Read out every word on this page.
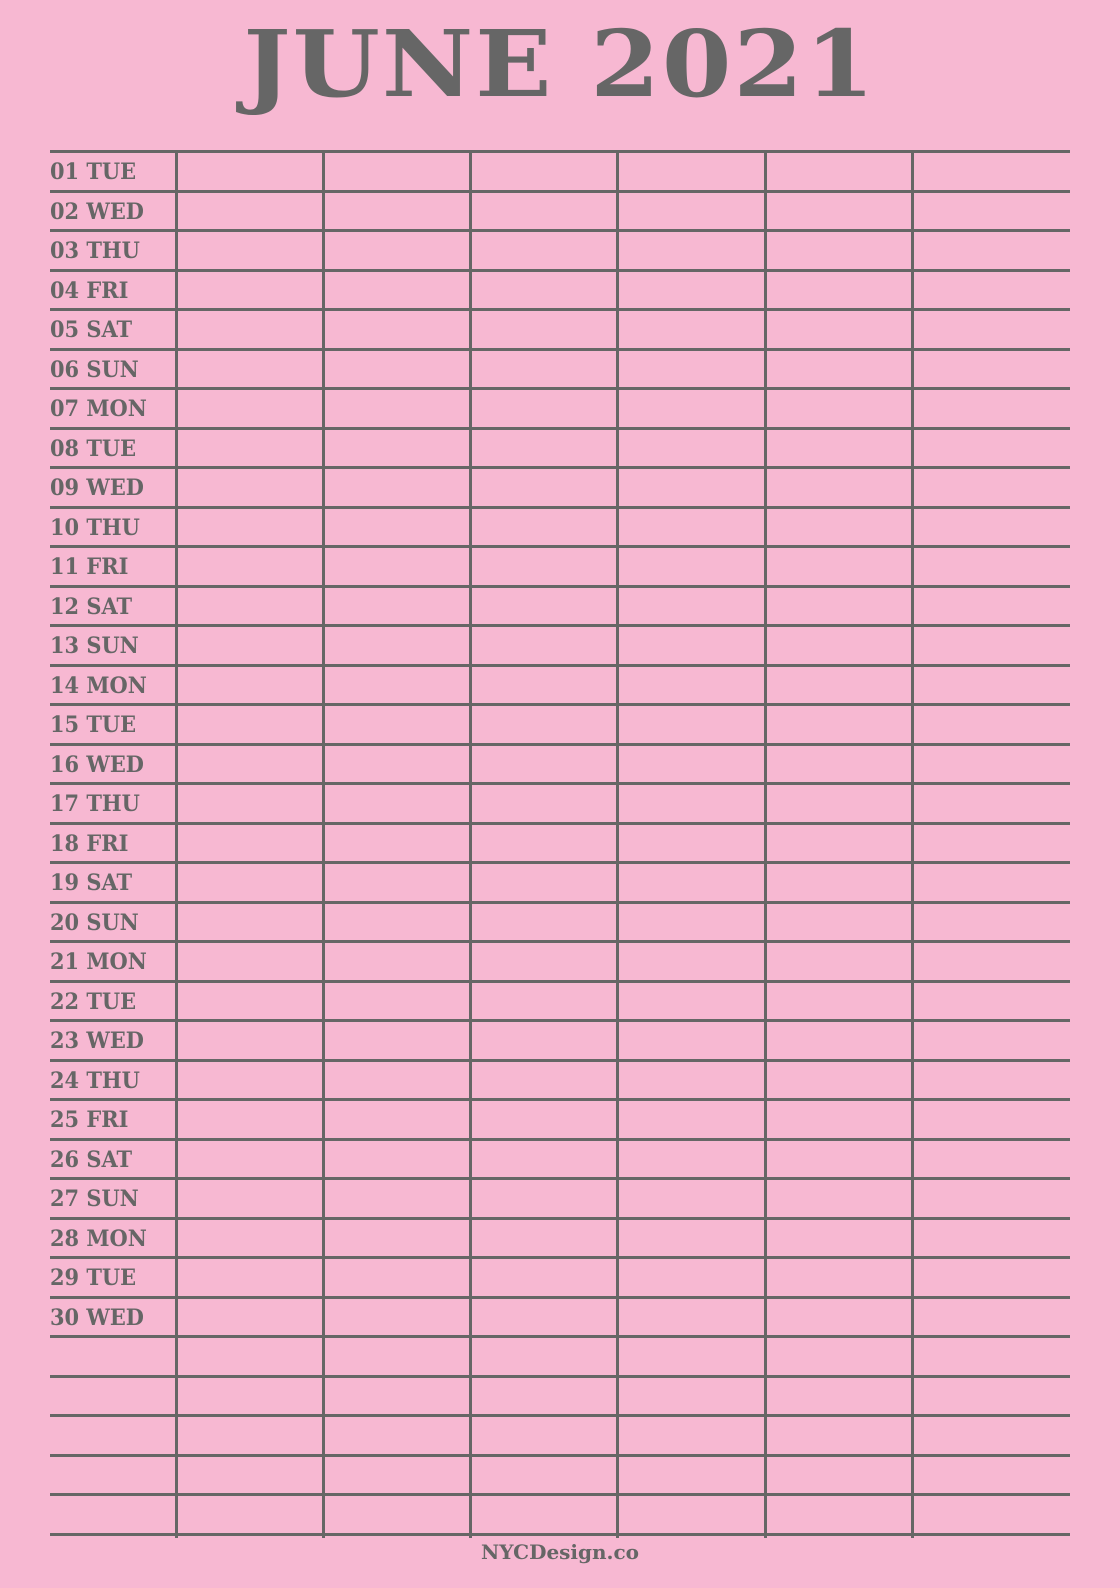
JUNE 2021
01 TUE
02 WED
03 THU
04 FRI
05 SAT
06 SUN
07 MON
08 TUE
09 WED
10 THU
11 FRI
12 SAT
13 SUN
14 MON
15 TUE
16 WED
17 THU
18 FRI
19 SAT
20 SUN
21 MON
22 TUE
23 WED
24 THU
25 FRI
26 SAT
27 SUN
28 MON
29 TUE
30 WED
NYCDesign.co
